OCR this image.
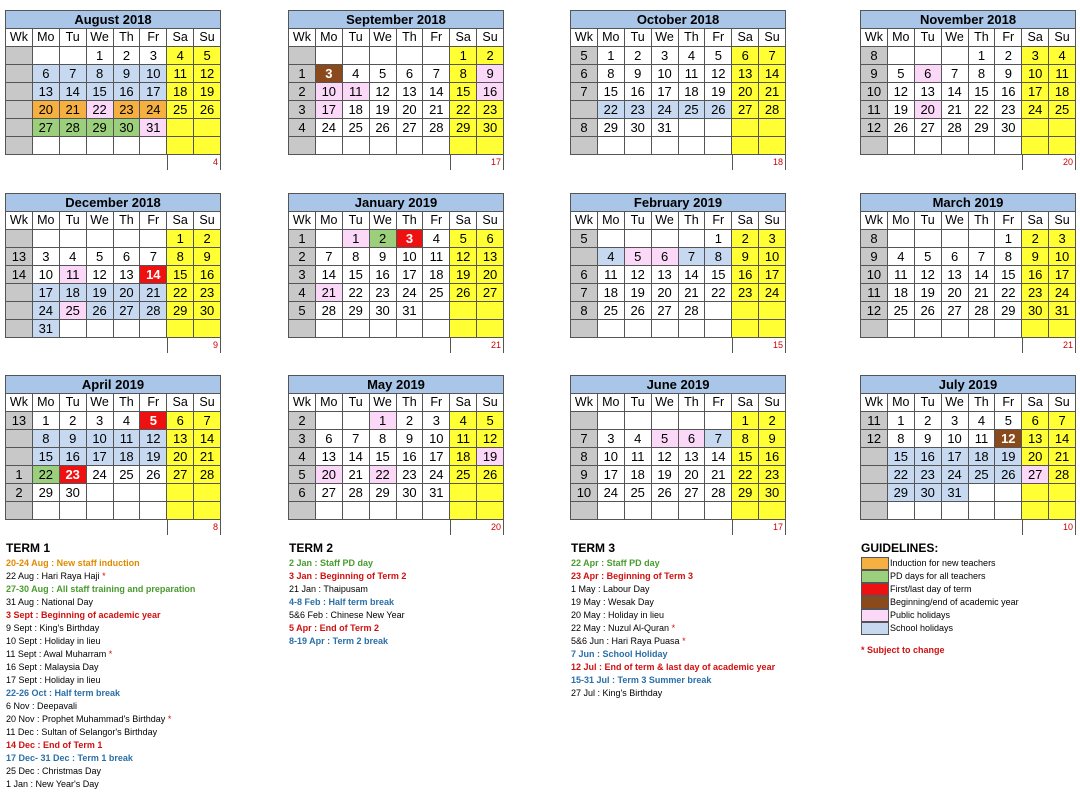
August 2018
Wk	Mo	Tu	We	Th	Fr	Sa	Su
			1	2	3	4	5
	6	7	8	9	10	11	12
	13	14	15	16	17	18	19
	20	21	22	23	24	25	26
	27	28	29	30	31		

4
September 2018
Wk	Mo	Tu	We	Th	Fr	Sa	Su
						1	2
1	3	4	5	6	7	8	9
2	10	11	12	13	14	15	16
3	17	18	19	20	21	22	23
4	24	25	26	27	28	29	30

17
October 2018
Wk	Mo	Tu	We	Th	Fr	Sa	Su
5	1	2	3	4	5	6	7
6	8	9	10	11	12	13	14
7	15	16	17	18	19	20	21
	22	23	24	25	26	27	28
8	29	30	31				

18
November 2018
Wk	Mo	Tu	We	Th	Fr	Sa	Su
8				1	2	3	4
9	5	6	7	8	9	10	11
10	12	13	14	15	16	17	18
11	19	20	21	22	23	24	25
12	26	27	28	29	30		

20
December 2018
Wk	Mo	Tu	We	Th	Fr	Sa	Su
						1	2
13	3	4	5	6	7	8	9
14	10	11	12	13	14	15	16
	17	18	19	20	21	22	23
	24	25	26	27	28	29	30
	31						
9
January 2019
Wk	Mo	Tu	We	Th	Fr	Sa	Su
1		1	2	3	4	5	6
2	7	8	9	10	11	12	13
3	14	15	16	17	18	19	20
4	21	22	23	24	25	26	27
5	28	29	30	31			

21
February 2019
Wk	Mo	Tu	We	Th	Fr	Sa	Su
5					1	2	3
	4	5	6	7	8	9	10
6	11	12	13	14	15	16	17
7	18	19	20	21	22	23	24
8	25	26	27	28			

15
March 2019
Wk	Mo	Tu	We	Th	Fr	Sa	Su
8					1	2	3
9	4	5	6	7	8	9	10
10	11	12	13	14	15	16	17
11	18	19	20	21	22	23	24
12	25	26	27	28	29	30	31

21
April 2019
Wk	Mo	Tu	We	Th	Fr	Sa	Su
13	1	2	3	4	5	6	7
	8	9	10	11	12	13	14
	15	16	17	18	19	20	21
1	22	23	24	25	26	27	28
2	29	30					

8
May 2019
Wk	Mo	Tu	We	Th	Fr	Sa	Su
2			1	2	3	4	5
3	6	7	8	9	10	11	12
4	13	14	15	16	17	18	19
5	20	21	22	23	24	25	26
6	27	28	29	30	31		

20
June 2019
Wk	Mo	Tu	We	Th	Fr	Sa	Su
						1	2
7	3	4	5	6	7	8	9
8	10	11	12	13	14	15	16
9	17	18	19	20	21	22	23
10	24	25	26	27	28	29	30

17
July 2019
Wk	Mo	Tu	We	Th	Fr	Sa	Su
11	1	2	3	4	5	6	7
12	8	9	10	11	12	13	14
	15	16	17	18	19	20	21
	22	23	24	25	26	27	28
	29	30	31				

10
TERM 1
20-24 Aug : New staff induction
22 Aug : Hari Raya Haji *
27-30 Aug : All staff training and preparation
31 Aug : National Day
3 Sept : Beginning of academic year
9 Sept : King's Birthday
10 Sept : Holiday in lieu
11 Sept : Awal Muharram *
16 Sept : Malaysia Day
17 Sept : Holiday in lieu
22-26 Oct : Half term break
6 Nov : Deepavali
20 Nov : Prophet Muhammad's Birthday *
11 Dec : Sultan of Selangor's Birthday
14 Dec : End of Term 1
17 Dec- 31 Dec : Term 1 break
25 Dec : Christmas Day
1 Jan : New Year's Day
TERM 2
2 Jan : Staff PD day
3 Jan : Beginning of Term 2
21 Jan : Thaipusam
4-8 Feb : Half term break
5&6 Feb : Chinese New Year
5 Apr : End of Term 2
8-19 Apr : Term 2 break
TERM 3
22 Apr : Staff PD day
23 Apr : Beginning of Term 3
1 May : Labour Day
19 May : Wesak Day
20 May : Holiday in lieu
22 May : Nuzul Al-Quran *
5&6 Jun : Hari Raya Puasa *
7 Jun : School Holiday
12 Jul : End of term & last day of academic year
15-31 Jul : Term 3 Summer break
27 Jul : King's Birthday
GUIDELINES:
Induction for new teachers
PD days for all teachers
First/last day of term
Beginning/end of academic year
Public holidays
School holidays
* Subject to change
